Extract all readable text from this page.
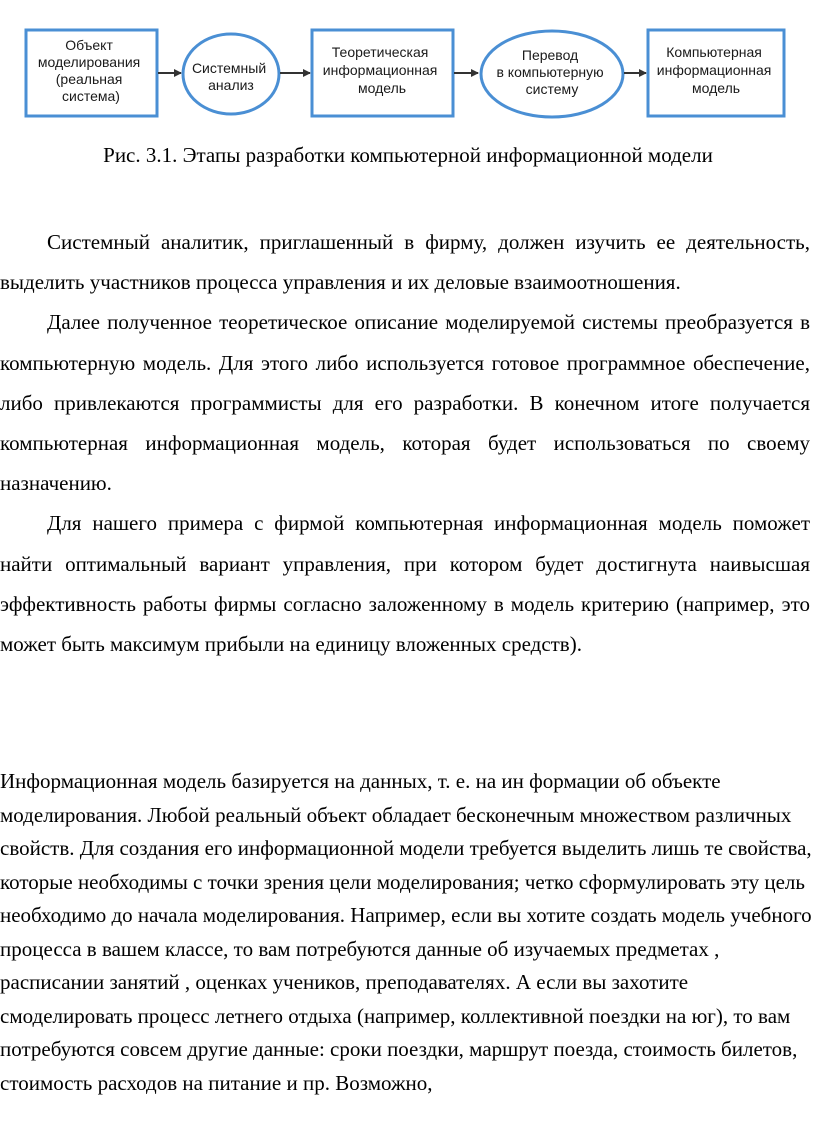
Объект моделирования (реальная система)
Системный анализ
Теоретическая информационная модель
Перевод в компьютерную систему
Компьютерная информационная модель

Рис. 3.1. Этапы разработки компьютерной информационной модели

Системный аналитик, приглашенный в фирму, должен изучить ее деятельность, выделить участников процесса управления и их деловые взаимоотношения.

Далее полученное теоретическое описание моделируемой системы преобразуется в компьютерную модель. Для этого либо используется готовое программное обеспечение, либо привлекаются программисты для его разработки. В конечном итоге получается компьютерная информационная модель, которая будет использоваться по своему назначению.

Для нашего примера с фирмой компьютерная информационная модель поможет найти оптимальный вариант управления, при котором будет достигнута наивысшая эффективность работы фирмы согласно заложенному в модель критерию (например, это может быть максимум прибыли на единицу вложенных средств).

Информационная модель базируется на данных, т. е. на ин формации об объекте моделирования. Любой реальный объект обладает бесконечным множеством различных свойств. Для создания его информационной модели требуется выделить лишь те свойства, которые необходимы с точки зрения цели моделирования; четко сформулировать эту цель необходимо до начала моделирования. Например, если вы хотите создать модель учебного процесса в вашем классе, то вам потребуются данные об изучаемых предметах , расписании занятий , оценках учеников, преподавателях. А если вы захотите смоделировать процесс летнего отдыха (например, коллективной поездки на юг), то вам потребуются совсем другие данные: сроки поездки, маршрут поезда, стоимость билетов, стоимость расходов на питание и пр. Возможно,
